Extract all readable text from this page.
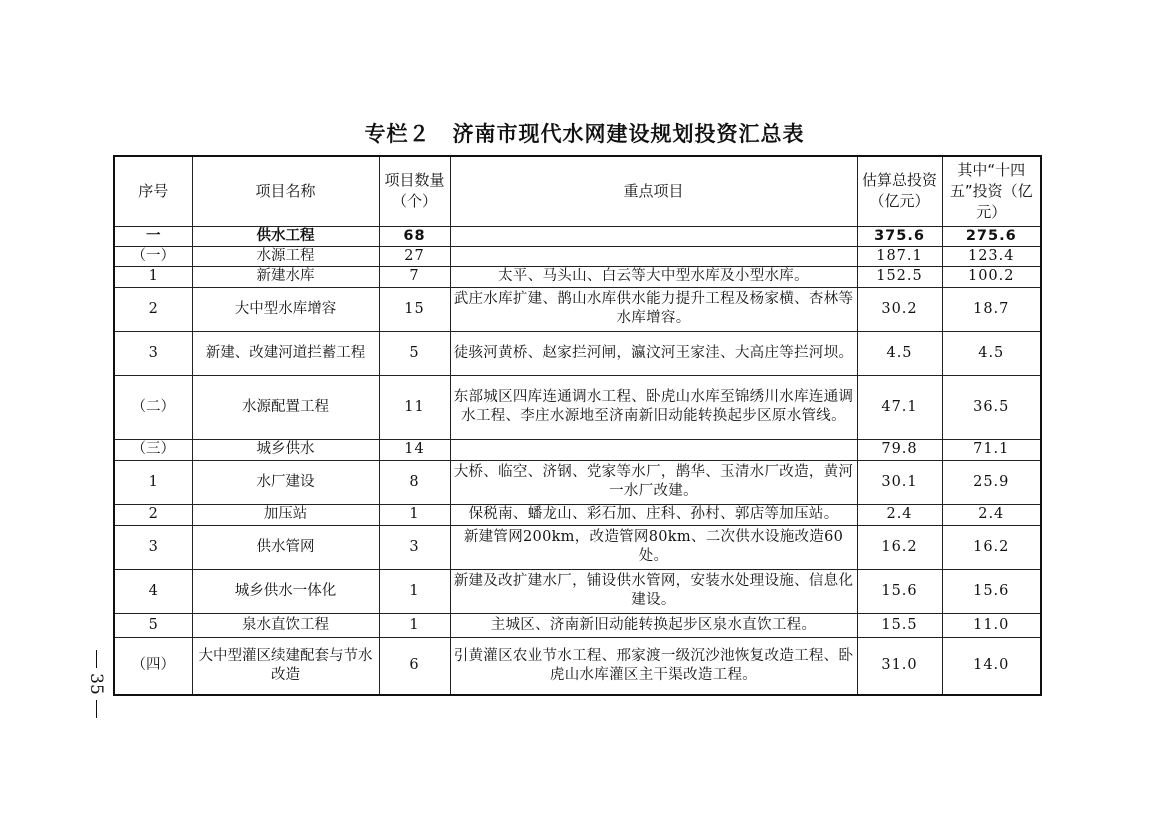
专栏２　济南市现代水网建设规划投资汇总表
序号	项目名称	项目数量（个）	重点项目	估算总投资（亿元）	其中“十四五”投资（亿元）
一	供水工程	68		375.6	275.6
（一）	水源工程	27		187.1	123.4
1	新建水库	7	太平、马头山、白云等大中型水库及小型水库。	152.5	100.2
2	大中型水库增容	15	武庄水库扩建、鹊山水库供水能力提升工程及杨家横、杏林等水库增容。	30.2	18.7
3	新建、改建河道拦蓄工程	5	徒骇河黄桥、赵家拦河闸，瀛汶河王家洼、大高庄等拦河坝。	4.5	4.5
（二）	水源配置工程	11	东部城区四库连通调水工程、卧虎山水库至锦绣川水库连通调水工程、李庄水源地至济南新旧动能转换起步区原水管线。	47.1	36.5
（三）	城乡供水	14		79.8	71.1
1	水厂建设	8	大桥、临空、济钢、党家等水厂，鹊华、玉清水厂改造，黄河一水厂改建。	30.1	25.9
2	加压站	1	保税南、蟠龙山、彩石加、庄科、孙村、郭店等加压站。	2.4	2.4
3	供水管网	3	新建管网200km，改造管网80km、二次供水设施改造60处。	16.2	16.2
4	城乡供水一体化	1	新建及改扩建水厂，铺设供水管网，安装水处理设施、信息化建设。	15.6	15.6
5	泉水直饮工程	1	主城区、济南新旧动能转换起步区泉水直饮工程。	15.5	11.0
（四）	大中型灌区续建配套与节水改造	6	引黄灌区农业节水工程、邢家渡一级沉沙池恢复改造工程、卧虎山水库灌区主干渠改造工程。	31.0	14.0
35
